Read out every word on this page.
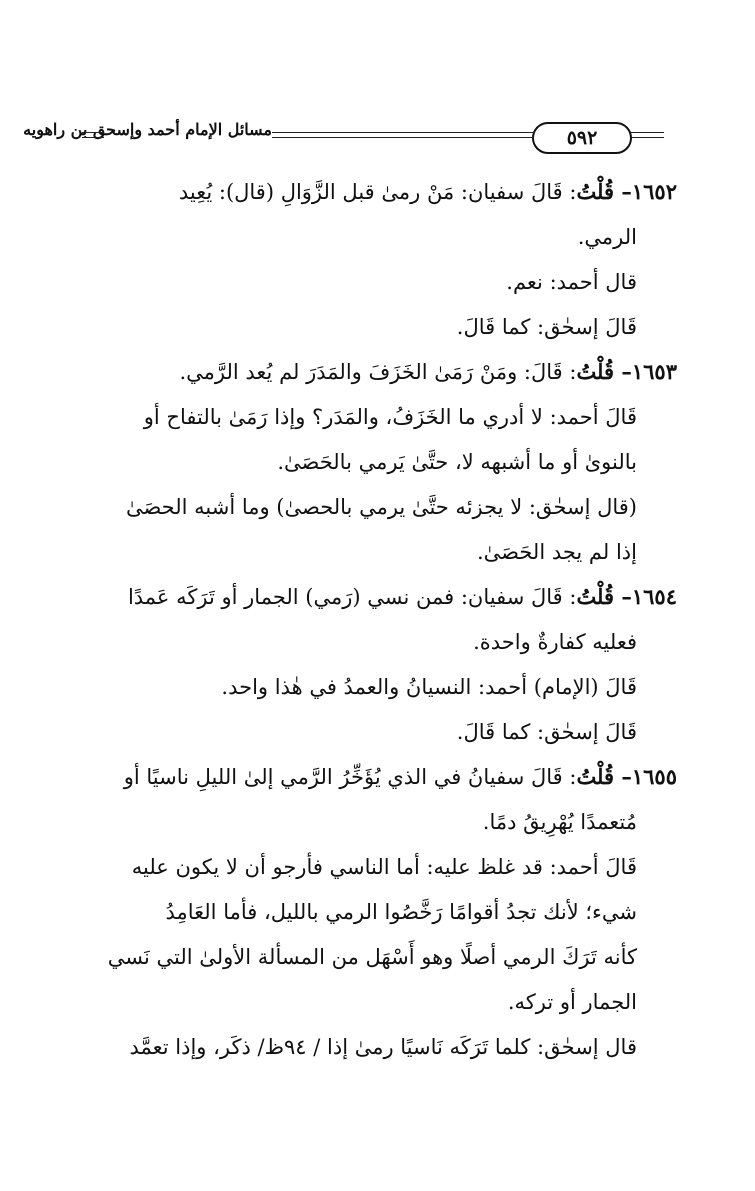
٥٩٢
مسائل الإمام أحمد وإسحق بن راهويه
١٦٥٢– قُلْتُ: قَالَ سفيان: مَنْ رمىٰ قبل الزَّوَالِ (قال): يُعِيد
الرمي.
قال أحمد: نعم.
قَالَ إسحٰق: كما قَالَ.
١٦٥٣– قُلْتُ: قَالَ: ومَنْ رَمَىٰ الخَزَفَ والمَدَرَ لم يُعد الرَّمي.
قَالَ أحمد: لا أدري ما الخَزَفُ، والمَدَر؟ وإذا رَمَىٰ بالتفاح أو
بالنوىٰ أو ما أشبهه لا، حتَّىٰ يَرمي بالحَصَىٰ.
(قال إسحٰق: لا يجزئه حتَّىٰ يرمي بالحصىٰ) وما أشبه الحصَىٰ
إذا لم يجد الحَصَىٰ.
١٦٥٤– قُلْتُ: قَالَ سفيان: فمن نسي (رَمي) الجمار أو تَرَكَه عَمدًا
فعليه كفارةٌ واحدة.
قَالَ (الإمام) أحمد: النسيانُ والعمدُ في هٰذا واحد.
قَالَ إسحٰق: كما قَالَ.
١٦٥٥– قُلْتُ: قَالَ سفيانُ في الذي يُؤَخِّرُ الرَّمي إلىٰ الليلِ ناسيًا أو
مُتعمدًا يُهْرِيقُ دمًا.
قَالَ أحمد: قد غلظ عليه: أما الناسي فأرجو أن لا يكون عليه
شيء؛ لأنك تجدُ أقوامًا رَخَّصُوا الرمي بالليل، فأما العَامِدُ
كأنه تَرَكَ الرمي أصلًا وهو أَسْهَل من المسألة الأولىٰ التي نَسي
الجمار أو تركه.
قال إسحٰق: كلما تَرَكَه نَاسيًا رمىٰ إذا / ٩٤ظ/ ذكَر، وإذا تعمَّد
